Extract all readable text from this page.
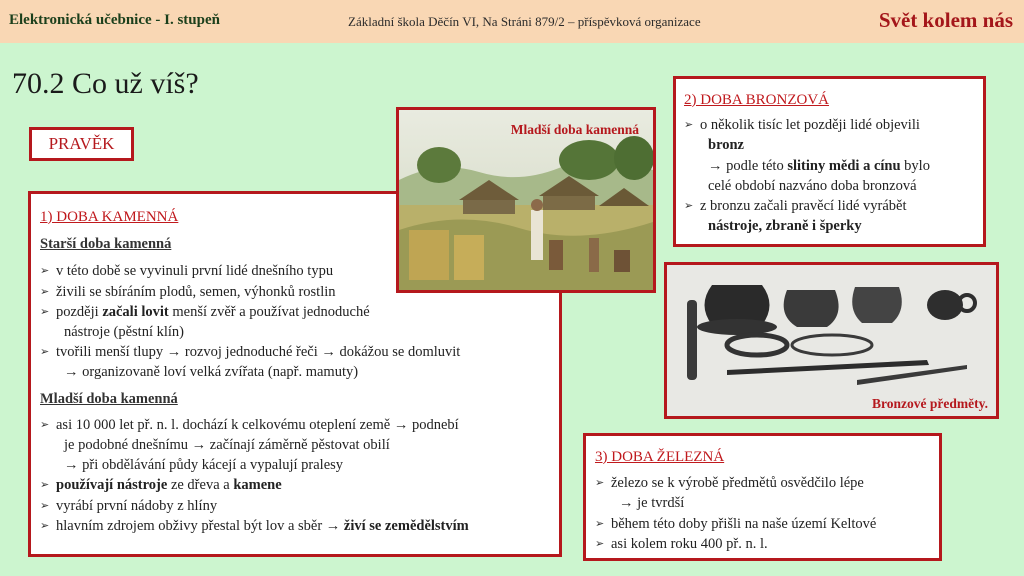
Elektronická učebnice - I. stupeň	Základní škola Děčín VI, Na Stráni 879/2 – příspěvková organizace	Svět kolem nás
70.2 Co už víš?
PRAVĚK
1) DOBA KAMENNÁ
Starší doba kamenná
➢ v této době se vyvinuli první lidé dnešního typu
➢ živili se sbíráním plodů, semen, výhonků rostlin
➢ později začali lovit menší zvěř a používat jednoduché
nástroje (pěstní klín)
➢ tvořili menší tlupy → rozvoj jednoduché řeči → dokážou se domluvit
→ organizovaně loví velká zvířata (např. mamuty)
Mladší doba kamenná
➢ asi 10 000 let př. n. l. dochází k celkovému oteplení země → podnebí
je podobné dnešnímu → začínají záměrně pěstovat obilí
→ při obdělávání půdy kácejí a vypalují pralesy
➢ používají nástroje ze dřeva a kamene
➢ vyrábí první nádoby z hlíny
➢ hlavním zdrojem obživy přestal být lov a sběr → živí se zemědělstvím
Mladší doba kamenná
2) DOBA BRONZOVÁ
➢ o několik tisíc let později lidé objevili
bronz
→ podle této slitiny mědi a cínu bylo
celé období nazváno doba bronzová
➢ z bronzu začali pravěcí lidé vyrábět
nástroje, zbraně i šperky
Bronzové předměty.
3) DOBA ŽELEZNÁ
➢ železo se k výrobě předmětů osvědčilo lépe
→ je tvrdší
➢ během této doby přišli na naše území Keltové
➢ asi kolem roku 400 př. n. l.
